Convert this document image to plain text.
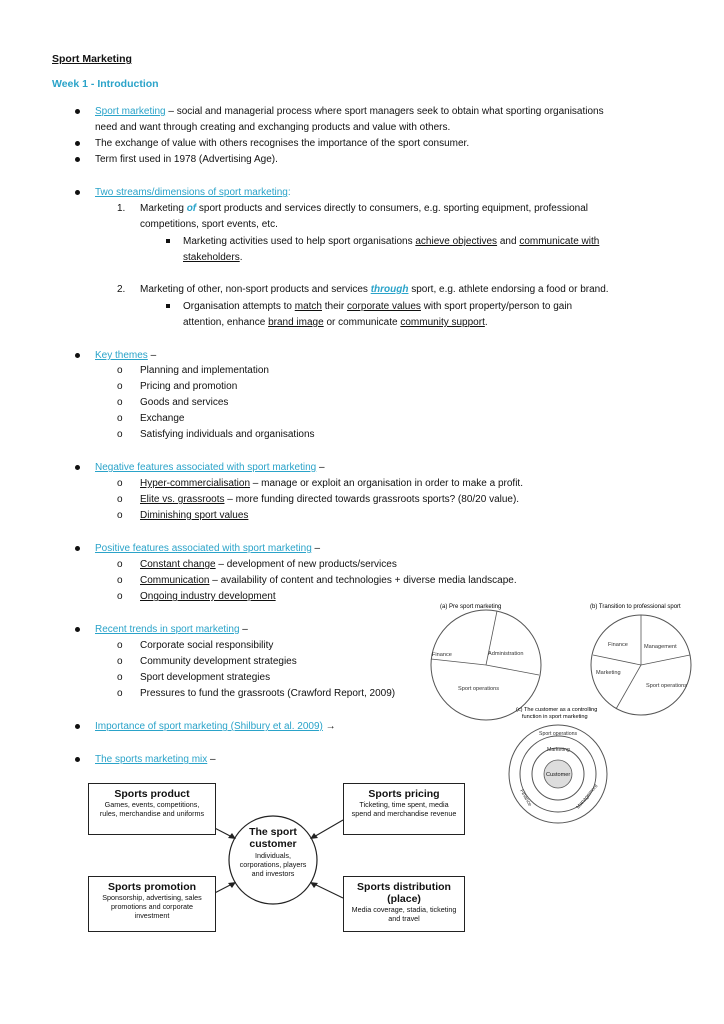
Sport Marketing
Week 1 - Introduction
Sport marketing – social and managerial process where sport managers seek to obtain what sporting organisations
need and want through creating and exchanging products and value with others.
The exchange of value with others recognises the importance of the sport consumer.
Term first used in 1978 (Advertising Age).
Two streams/dimensions of sport marketing:
1. Marketing of sport products and services directly to consumers, e.g. sporting equipment, professional
competitions, sport events, etc.
Marketing activities used to help sport organisations achieve objectives and communicate with
stakeholders.
2. Marketing of other, non-sport products and services through sport, e.g. athlete endorsing a food or brand.
Organisation attempts to match their corporate values with sport property/person to gain
attention, enhance brand image or communicate community support.
Key themes –
o Planning and implementation
o Pricing and promotion
o Goods and services
o Exchange
o Satisfying individuals and organisations
Negative features associated with sport marketing –
o Hyper-commercialisation – manage or exploit an organisation in order to make a profit.
o Elite vs. grassroots – more funding directed towards grassroots sports? (80/20 value).
o Diminishing sport values
Positive features associated with sport marketing –
o Constant change – development of new products/services
o Communication – availability of content and technologies + diverse media landscape.
o Ongoing industry development
Recent trends in sport marketing –
o Corporate social responsibility
o Community development strategies
o Sport development strategies
o Pressures to fund the grassroots (Crawford Report, 2009)
Importance of sport marketing (Shilbury et al. 2009) →
The sports marketing mix –
(a) Pre sport marketing
Finance	Administration
Sport operations
(b) Transition to professional sport
Finance	Management
Marketing
Sport operations
(c) The customer as a controlling
function in sport marketing
Sport operations
Marketing
Customer
Finance	Management
Sports product
Games, events, competitions, rules, merchandise and uniforms
Sports pricing
Ticketing, time spent, media spend and merchandise revenue
Sports promotion
Sponsorship, advertising, sales promotions and corporate investment
Sports distribution (place)
Media coverage, stadia, ticketing and travel
The sport customer
Individuals, corporations, players and investors
